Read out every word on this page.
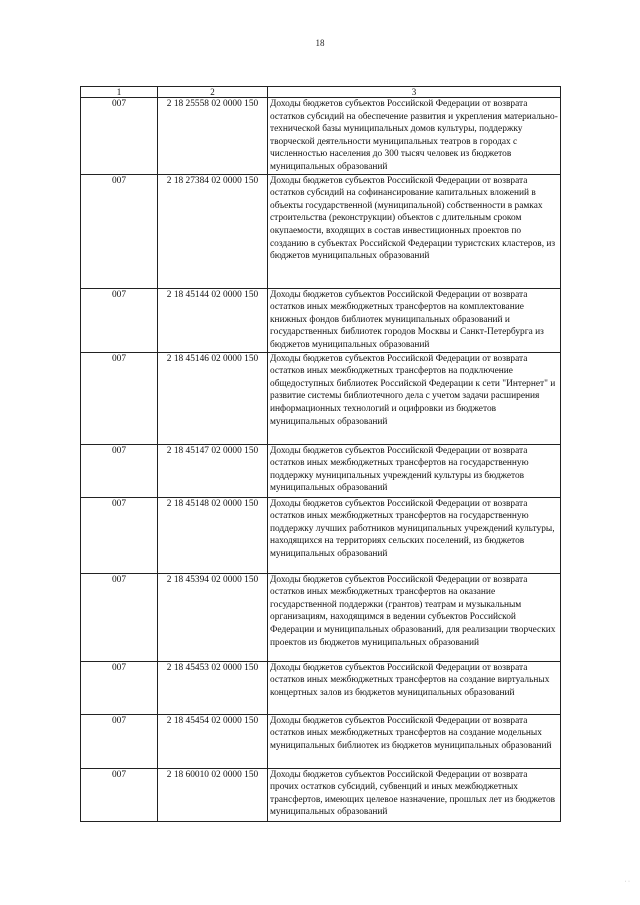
18
1	2	3
007	2 18 25558 02 0000 150	Доходы бюджетов субъектов Российской Федерации от возврата остатков субсидий на обеспечение развития и укрепления материально-технической базы муниципальных домов культуры, поддержку творческой деятельности муниципальных театров в городах с численностью населения до 300 тысяч человек из бюджетов муниципальных образований
007	2 18 27384 02 0000 150	Доходы бюджетов субъектов Российской Федерации от возврата остатков субсидий на софинансирование капитальных вложений в объекты государственной (муниципальной) собственности в рамках строительства (реконструкции) объектов с длительным сроком окупаемости, входящих в состав инвестиционных проектов по созданию в субъектах Российской Федерации туристских кластеров, из бюджетов муниципальных образований
007	2 18 45144 02 0000 150	Доходы бюджетов субъектов Российской Федерации от возврата остатков иных межбюджетных трансфертов на комплектование книжных фондов библиотек муниципальных образований и государственных библиотек городов Москвы и Санкт-Петербурга из бюджетов муниципальных образований
007	2 18 45146 02 0000 150	Доходы бюджетов субъектов Российской Федерации от возврата остатков иных межбюджетных трансфертов на подключение общедоступных библиотек Российской Федерации к сети "Интернет" и развитие системы библиотечного дела с учетом задачи расширения информационных технологий и оцифровки из бюджетов муниципальных образований
007	2 18 45147 02 0000 150	Доходы бюджетов субъектов Российской Федерации от возврата остатков иных межбюджетных трансфертов на государственную поддержку муниципальных учреждений культуры из бюджетов муниципальных образований
007	2 18 45148 02 0000 150	Доходы бюджетов субъектов Российской Федерации от возврата остатков иных межбюджетных трансфертов на государственную поддержку лучших работников муниципальных учреждений культуры, находящихся на территориях сельских поселений, из бюджетов муниципальных образований
007	2 18 45394 02 0000 150	Доходы бюджетов субъектов Российской Федерации от возврата остатков иных межбюджетных трансфертов на оказание государственной поддержки (грантов) театрам и музыкальным организациям, находящимся в ведении субъектов Российской Федерации и муниципальных образований, для реализации творческих проектов из бюджетов муниципальных образований
007	2 18 45453 02 0000 150	Доходы бюджетов субъектов Российской Федерации от возврата остатков иных межбюджетных трансфертов на создание виртуальных концертных залов из бюджетов муниципальных образований
007	2 18 45454 02 0000 150	Доходы бюджетов субъектов Российской Федерации от возврата остатков иных межбюджетных трансфертов на создание модельных муниципальных библиотек из бюджетов муниципальных образований
007	2 18 60010 02 0000 150	Доходы бюджетов субъектов Российской Федерации от возврата прочих остатков субсидий, субвенций и иных межбюджетных трансфертов, имеющих целевое назначение, прошлых лет из бюджетов муниципальных образований
· ·
